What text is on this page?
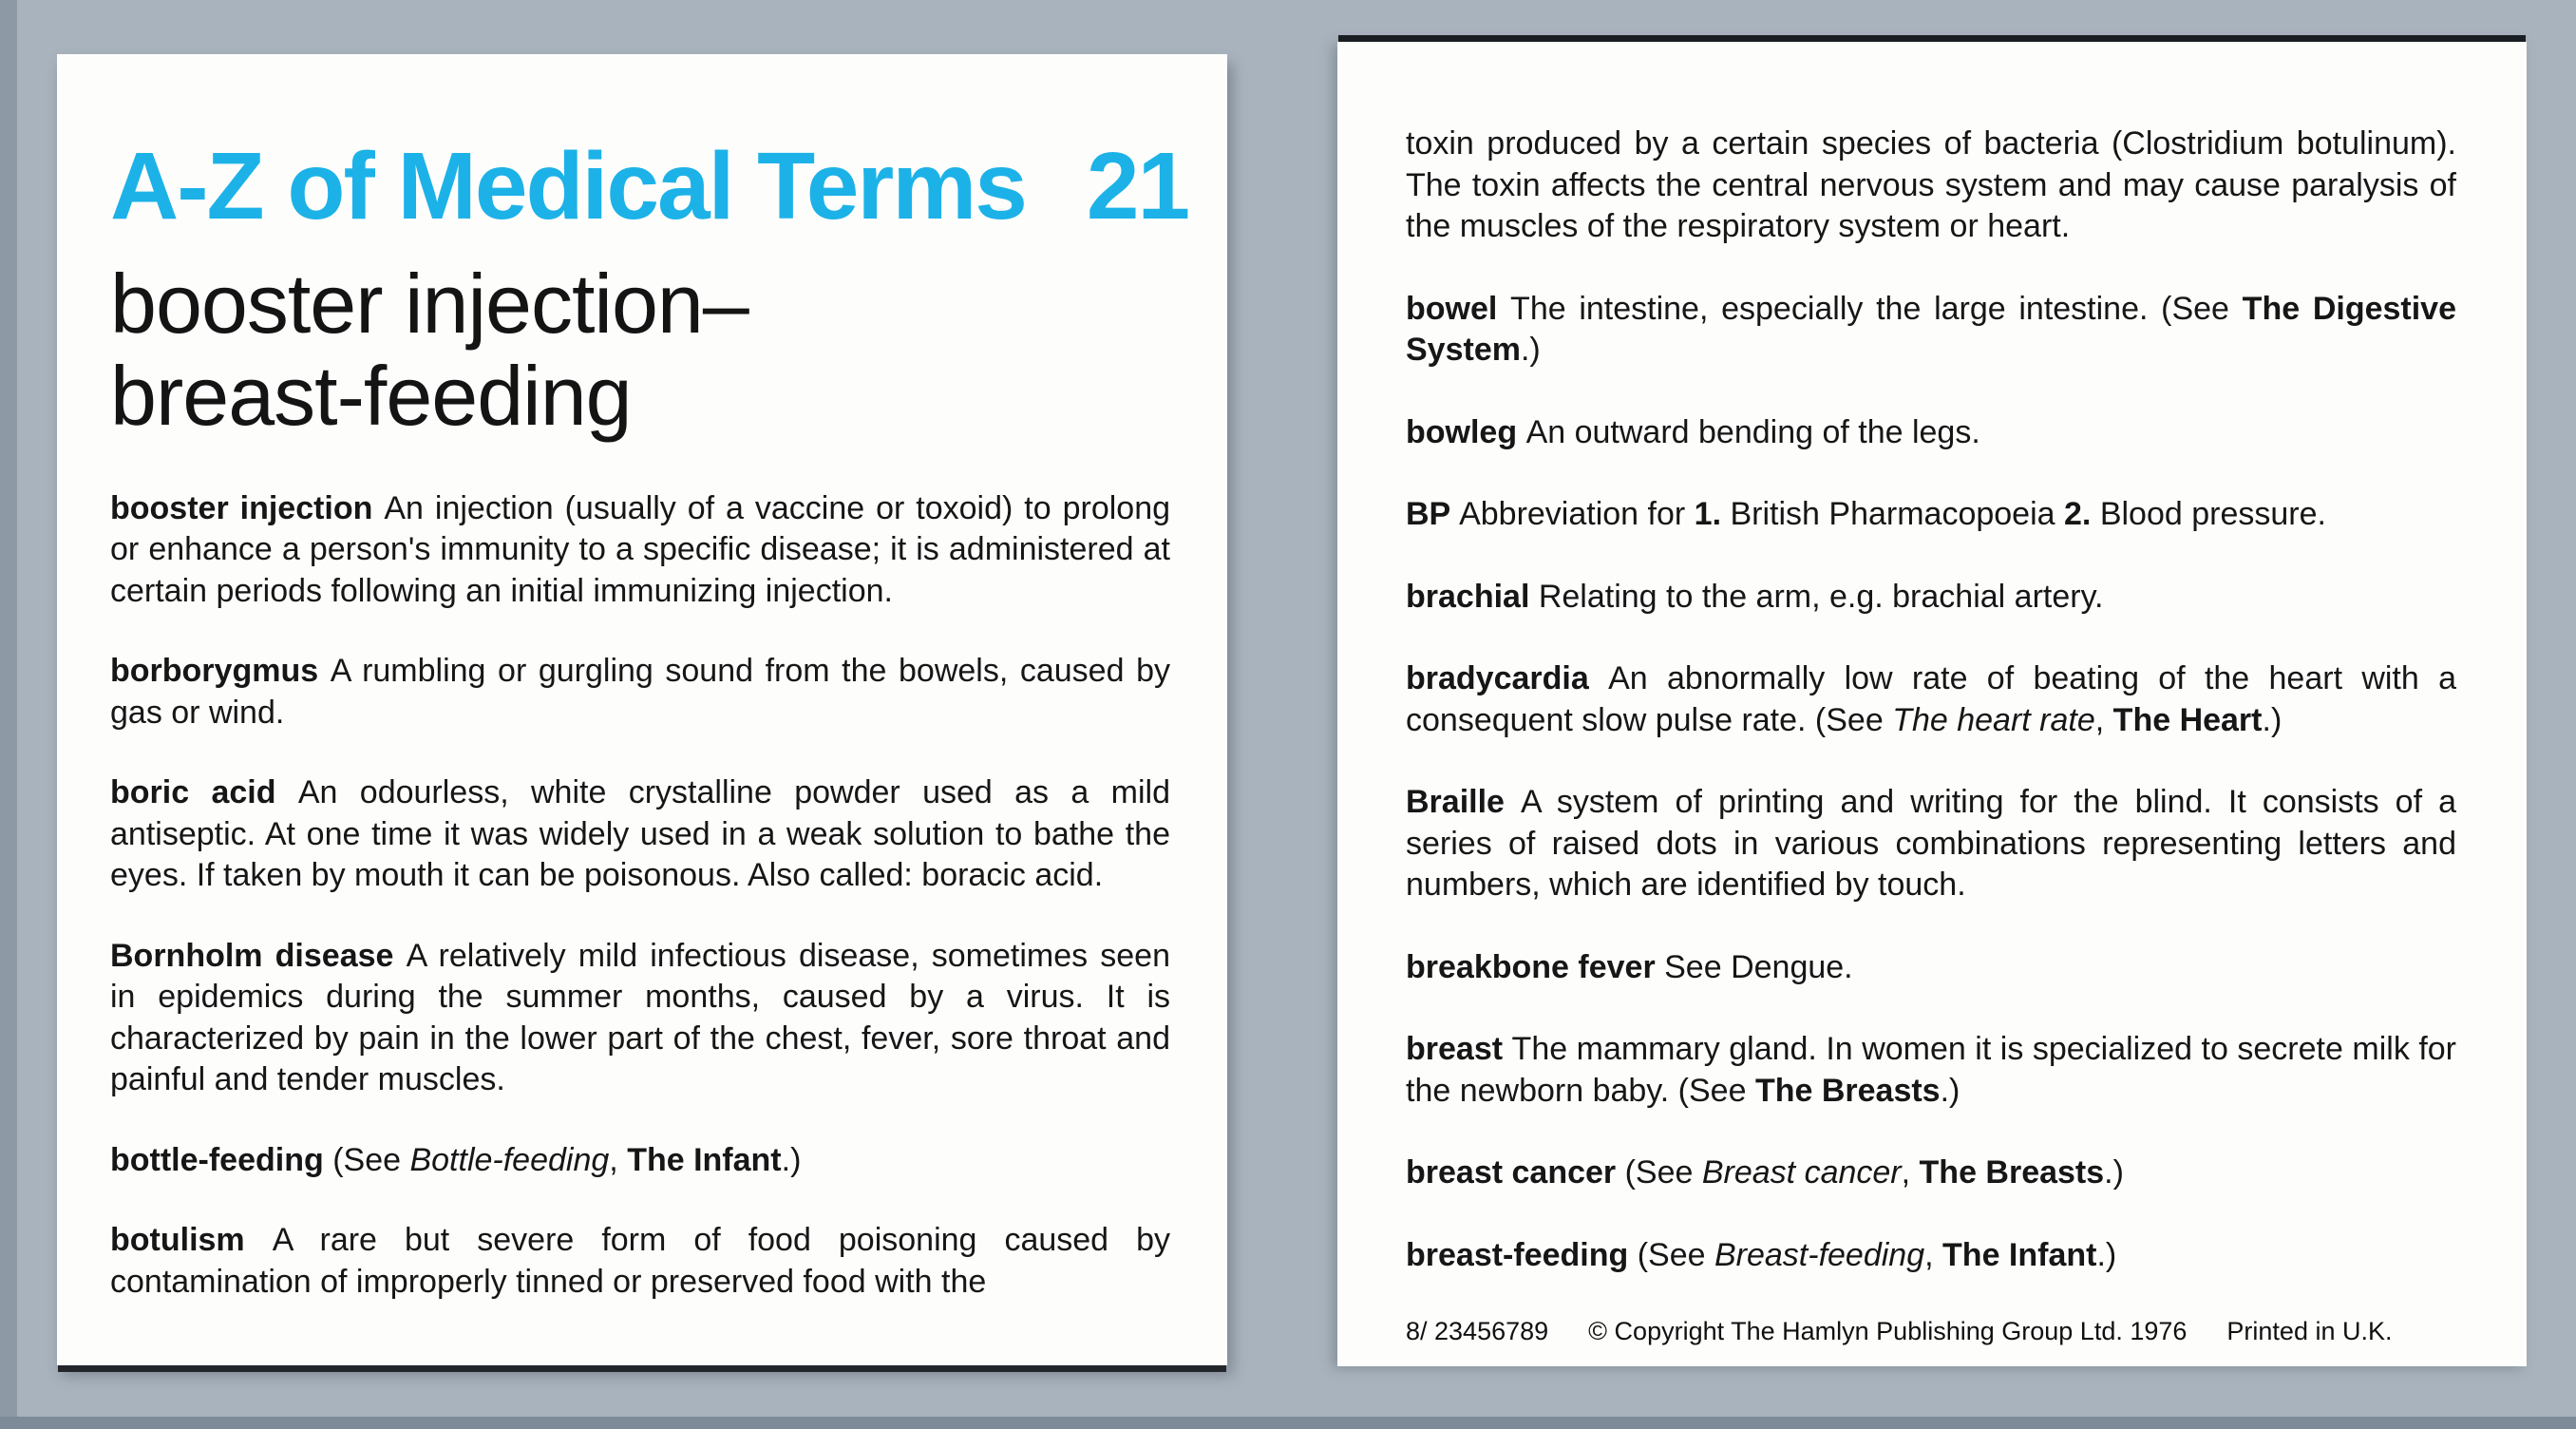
A-Z of Medical Terms 21
booster injection–
breast-feeding

booster injection An injection (usually of a vaccine or toxoid) to prolong or enhance a person's immunity to a specific disease; it is administered at certain periods following an initial immunizing injection.

borborygmus A rumbling or gurgling sound from the bowels, caused by gas or wind.

boric acid An odourless, white crystalline powder used as a mild antiseptic. At one time it was widely used in a weak solution to bathe the eyes. If taken by mouth it can be poisonous. Also called: boracic acid.

Bornholm disease A relatively mild infectious disease, sometimes seen in epidemics during the summer months, caused by a virus. It is characterized by pain in the lower part of the chest, fever, sore throat and painful and tender muscles.

bottle-feeding (See Bottle-feeding, The Infant.)

botulism A rare but severe form of food poisoning caused by contamination of improperly tinned or preserved food with the

toxin produced by a certain species of bacteria (Clostridium botulinum). The toxin affects the central nervous system and may cause paralysis of the muscles of the respiratory system or heart.

bowel The intestine, especially the large intestine. (See The Digestive System.)

bowleg An outward bending of the legs.

BP Abbreviation for 1. British Pharmacopoeia 2. Blood pressure.

brachial Relating to the arm, e.g. brachial artery.

bradycardia An abnormally low rate of beating of the heart with a consequent slow pulse rate. (See The heart rate, The Heart.)

Braille A system of printing and writing for the blind. It consists of a series of raised dots in various combinations representing letters and numbers, which are identified by touch.

breakbone fever See Dengue.

breast The mammary gland. In women it is specialized to secrete milk for the newborn baby. (See The Breasts.)

breast cancer (See Breast cancer, The Breasts.)

breast-feeding (See Breast-feeding, The Infant.)

8/ 23456789 © Copyright The Hamlyn Publishing Group Ltd. 1976 Printed in U.K.
